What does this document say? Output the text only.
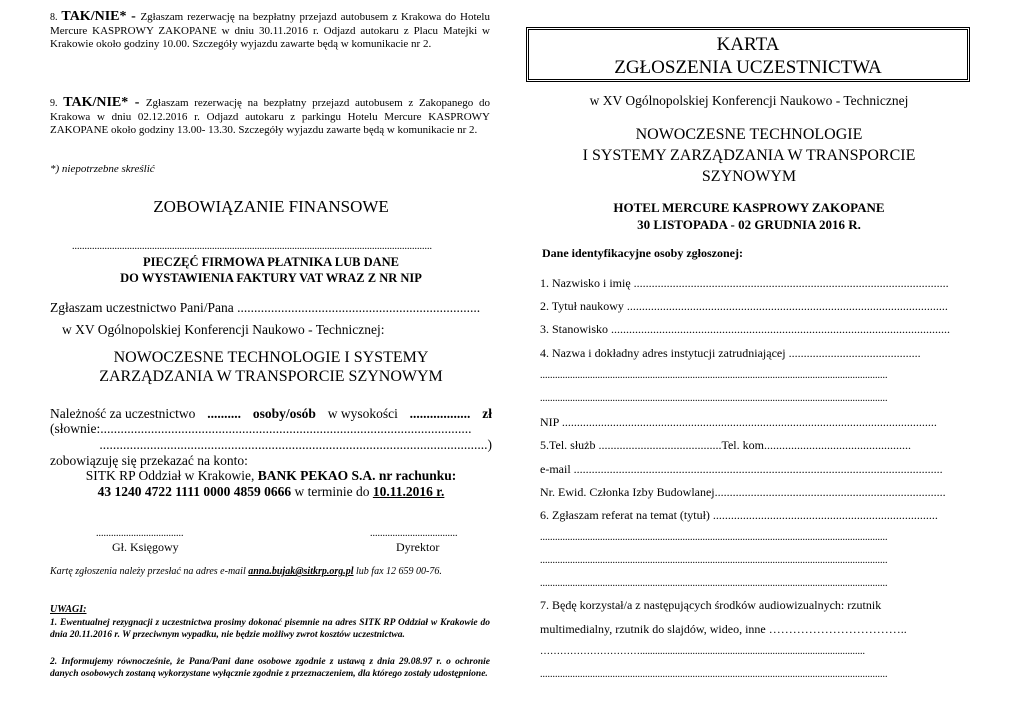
8. TAK/NIE* - Zgłaszam rezerwację na bezpłatny przejazd autobusem z Krakowa do Hotelu Mercure KASPROWY ZAKOPANE w dniu 30.11.2016 r. Odjazd autokaru z Placu Matejki w Krakowie około godziny 10.00. Szczegóły wyjazdu zawarte będą w komunikacie nr 2.
9. TAK/NIE* - Zgłaszam rezerwację na bezpłatny przejazd autobusem z Zakopanego do Krakowa w dniu 02.12.2016 r. Odjazd autokaru z parkingu Hotelu Mercure KASPROWY ZAKOPANE około godziny 13.00- 13.30. Szczegóły wyjazdu zawarte będą w komunikacie nr 2.
*) niepotrzebne skreślić
ZOBOWIĄZANIE FINANSOWE
................................................................................................................................................
PIECZĘĆ FIRMOWA PŁATNIKA LUB DANE
DO WYSTAWIENIA FAKTURY VAT WRAZ Z NR NIP
Zgłaszam uczestnictwo Pani/Pana ........................................................................
w XV Ogólnopolskiej Konferencji Naukowo - Technicznej:
NOWOCZESNE TECHNOLOGIE I SYSTEMY
ZARZĄDZANIA W TRANSPORCIE SZYNOWYM
Należność za uczestnictwo .......... osoby/osób w wysokości .................. zł
(słownie:..............................................................................................................
...................................................................................................................)
zobowiązuję się przekazać na konto:
SITK RP Oddział w Krakowie, BANK PEKAO S.A. nr rachunku:
43 1240 4722 1111 0000 4859 0666 w terminie do 10.11.2016 r.
...................................	...................................
Gł. Księgowy	Dyrektor
Kartę zgłoszenia należy przesłać na adres e-mail anna.bujak@sitkrp.org.pl lub fax 12 659 00-76.
UWAGI:
1. Ewentualnej rezygnacji z uczestnictwa prosimy dokonać pisemnie na adres SITK RP Oddział w Krakowie do dnia 20.11.2016 r. W przeciwnym wypadku, nie będzie możliwy zwrot kosztów uczestnictwa.
2. Informujemy równocześnie, że Pana/Pani dane osobowe zgodnie z ustawą z dnia 29.08.97 r. o ochronie danych osobowych zostaną wykorzystane wyłącznie zgodnie z przeznaczeniem, dla którego zostały udostępnione.
KARTA
ZGŁOSZENIA UCZESTNICTWA
w XV Ogólnopolskiej Konferencji Naukowo - Technicznej
NOWOCZESNE TECHNOLOGIE
I SYSTEMY ZARZĄDZANIA W TRANSPORCIE
SZYNOWYM
HOTEL MERCURE KASPROWY ZAKOPANE
30 LISTOPADA - 02 GRUDNIA 2016 R.
Dane identyfikacyjne osoby zgłoszonej:
1. Nazwisko i imię .........................................................................................................
2. Tytuł naukowy ...........................................................................................................
3. Stanowisko .................................................................................................................
4. Nazwa i dokładny adres instytucji zatrudniającej ............................................
...........................................................................................................................................
...........................................................................................................................................
NIP .............................................................................................................................
5.Tel. służb .........................................Tel. kom.................................................
e-mail ...........................................................................................................................
Nr. Ewid. Członka Izby Budowlanej.............................................................................
6. Zgłaszam referat na temat (tytuł) ...........................................................................
...........................................................................................................................................
...........................................................................................................................................
...........................................................................................................................................
7. Będę korzystał/a z następujących środków audiowizualnych: rzutnik
multimedialny, rzutnik do slajdów, wideo, inne ……………………………..
…………………………..........................................................................................
...........................................................................................................................................
